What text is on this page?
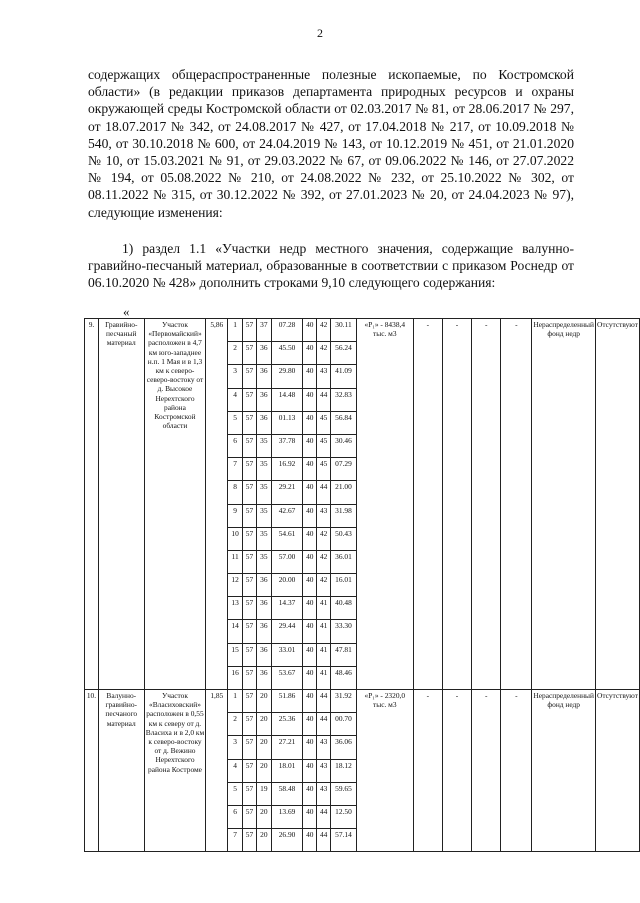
2

содержащих общераспространенные полезные ископаемые, по Костромской области» (в редакции приказов департамента природных ресурсов и охраны окружающей среды Костромской области от 02.03.2017 № 81, от 28.06.2017 № 297, от 18.07.2017 № 342, от 24.08.2017 № 427, от 17.04.2018 № 217, от 10.09.2018 № 540, от 30.10.2018 № 600, от 24.04.2019 № 143, от 10.12.2019 № 451, от 21.01.2020 № 10, от 15.03.2021 № 91, от 29.03.2022 № 67, от 09.06.2022 № 146, от 27.07.2022 № 194, от 05.08.2022 № 210, от 24.08.2022 № 232, от 25.10.2022 № 302, от 08.11.2022 № 315, от 30.12.2022 № 392, от 27.01.2023 № 20, от 24.04.2023 № 97), следующие изменения:

1) раздел 1.1 «Участки недр местного значения, содержащие валунно-гравийно-песчаный материал, образованные в соответствии с приказом Роснедр от 06.10.2020 № 428» дополнить строками 9,10 следующего содержания:

«
9.	Гравийно-песчаный материал	Участок «Первомайский» расположен в 4,7 км юго-западнее н.п. 1 Мая и в 1,3 км к северо-северо-востоку от д. Высокое Нерехтского района Костромской области	5,86	1	57	37	07.28	40	42	30.11	«P₁» - 8438,4 тыс. м3	-	-	-	-	Нераспределенный фонд недр	Отсутствуют
				2	57	36	45.50	40	42	56.24							
				3	57	36	29.80	40	43	41.09							
				4	57	36	14.48	40	44	32.83							
				5	57	36	01.13	40	45	56.84							
				6	57	35	37.78	40	45	30.46							
				7	57	35	16.92	40	45	07.29							
				8	57	35	29.21	40	44	21.00							
				9	57	35	42.67	40	43	31.98							
				10	57	35	54.61	40	42	50.43							
				11	57	35	57.00	40	42	36.01							
				12	57	36	20.00	40	42	16.01							
				13	57	36	14.37	40	41	40.48							
				14	57	36	29.44	40	41	33.30							
				15	57	36	33.01	40	41	47.81							
				16	57	36	53.67	40	41	48.46							
10.	Валунно-гравийно-песчаного материал	Участок «Власиховский» расположен в 0,55 км к северу от д. Власиха и в 2,0 км к северо-востоку от д. Вежино Нерехтского района Костроме	1,85	1	57	20	51.86	40	44	31.92	«P₁» - 2320,0 тыс. м3	-	-	-	-	Нераспределенный фонд недр	Отсутствуют
				2	57	20	25.36	40	44	00.70							
				3	57	20	27.21	40	43	36.06							
				4	57	20	18.01	40	43	18.12							
				5	57	19	58.48	40	43	59.65							
				6	57	20	13.69	40	44	12.50							
				7	57	20	26.90	40	44	57.14							
